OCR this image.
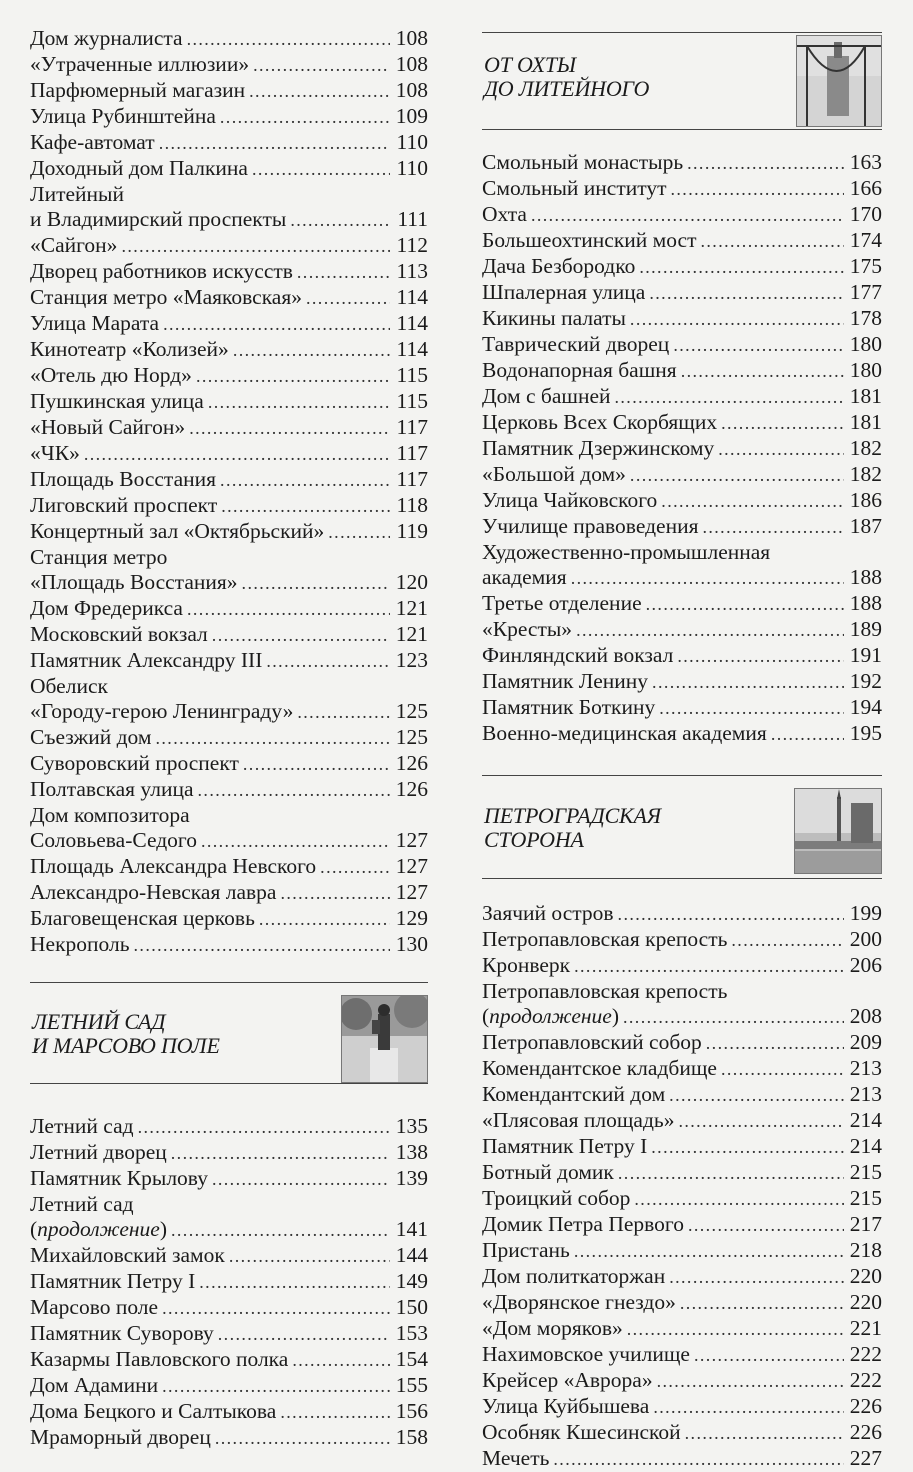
Дом журналиста .....	108
«Утраченные иллюзии» .....	108
Парфюмерный магазин .....	108
Улица Рубинштейна .....	109
Кафе-автомат .....	110
Доходный дом Палкина .....	110
Литейный
и Владимирский проспекты .....	111
«Сайгон» .....	112
Дворец работников искусств .....	113
Станция метро «Маяковская» .....	114
Улица Марата .....	114
Кинотеатр «Колизей» .....	114
«Отель дю Норд» .....	115
Пушкинская улица .....	115
«Новый Сайгон» .....	117
«ЧК» .....	117
Площадь Восстания .....	117
Лиговский проспект .....	118
Концертный зал «Октябрьский» .....	119
Станция метро
«Площадь Восстания» .....	120
Дом Фредерикса .....	121
Московский вокзал .....	121
Памятник Александру III .....	123
Обелиск
«Городу-герою Ленинграду» .....	125
Съезжий дом .....	125
Суворовский проспект .....	126
Полтавская улица .....	126
Дом композитора
Соловьева-Седого .....	127
Площадь Александра Невского .....	127
Александро-Невская лавра .....	127
Благовещенская церковь .....	129
Некрополь .....	130
ЛЕТНИЙ САД
И МАРСОВО ПОЛЕ
Летний сад .....	135
Летний дворец .....	138
Памятник Крылову .....	139
Летний сад
(продолжение) .....	141
Михайловский замок .....	144
Памятник Петру I .....	149
Марсово поле .....	150
Памятник Суворову .....	153
Казармы Павловского полка .....	154
Дом Адамини .....	155
Дома Бецкого и Салтыкова .....	156
Мраморный дворец .....	158
ОТ ОХТЫ
ДО ЛИТЕЙНОГО
Смольный монастырь .....	163
Смольный институт .....	166
Охта .....	170
Большеохтинский мост .....	174
Дача Безбородко .....	175
Шпалерная улица .....	177
Кикины палаты .....	178
Таврический дворец .....	180
Водонапорная башня .....	180
Дом с башней .....	181
Церковь Всех Скорбящих .....	181
Памятник Дзержинскому .....	182
«Большой дом» .....	182
Улица Чайковского .....	186
Училище правоведения .....	187
Художественно-промышленная
академия .....	188
Третье отделение .....	188
«Кресты» .....	189
Финляндский вокзал .....	191
Памятник Ленину .....	192
Памятник Боткину .....	194
Военно-медицинская академия .....	195
ПЕТРОГРАДСКАЯ
СТОРОНА
Заячий остров .....	199
Петропавловская крепость .....	200
Кронверк .....	206
Петропавловская крепость
(продолжение) .....	208
Петропавловский собор .....	209
Комендантское кладбище .....	213
Комендантский дом .....	213
«Плясовая площадь» .....	214
Памятник Петру I .....	214
Ботный домик .....	215
Троицкий собор .....	215
Домик Петра Первого .....	217
Пристань .....	218
Дом политкаторжан .....	220
«Дворянское гнездо» .....	220
«Дом моряков» .....	221
Нахимовское училище .....	222
Крейсер «Аврора» .....	222
Улица Куйбышева .....	226
Особняк Кшесинской .....	226
Мечеть .....	227
